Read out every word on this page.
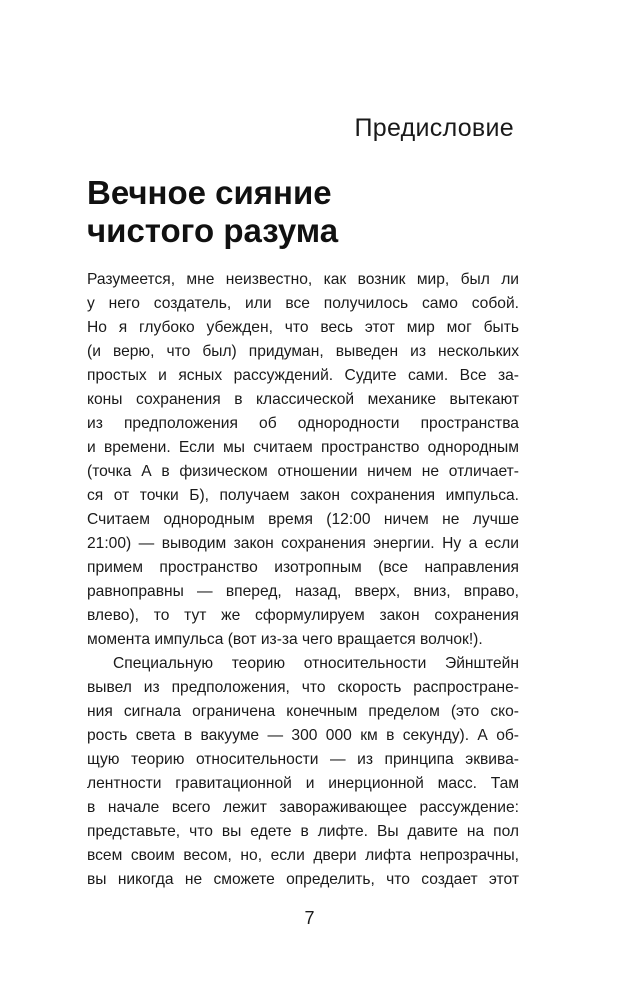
Предисловие
Вечное сияние
чистого разума
Разумеется, мне неизвестно, как возник мир, был ли
у него создатель, или все получилось само собой.
Но я глубоко убежден, что весь этот мир мог быть
(и верю, что был) придуман, выведен из нескольких
простых и ясных рассуждений. Судите сами. Все за-
коны сохранения в классической механике вытекают
из предположения об однородности пространства
и времени. Если мы считаем пространство однородным
(точка А в физическом отношении ничем не отличает-
ся от точки Б), получаем закон сохранения импульса.
Считаем однородным время (12:00 ничем не лучше
21:00) — выводим закон сохранения энергии. Ну а если
примем пространство изотропным (все направления
равноправны — вперед, назад, вверх, вниз, вправо,
влево), то тут же сформулируем закон сохранения
момента импульса (вот из-за чего вращается волчок!).
Специальную теорию относительности Эйнштейн
вывел из предположения, что скорость распростране-
ния сигнала ограничена конечным пределом (это ско-
рость света в вакууме — 300 000 км в секунду). А об-
щую теорию относительности — из принципа эквива-
лентности гравитационной и инерционной масс. Там
в начале всего лежит завораживающее рассуждение:
представьте, что вы едете в лифте. Вы давите на пол
всем своим весом, но, если двери лифта непрозрачны,
вы никогда не сможете определить, что создает этот
7
